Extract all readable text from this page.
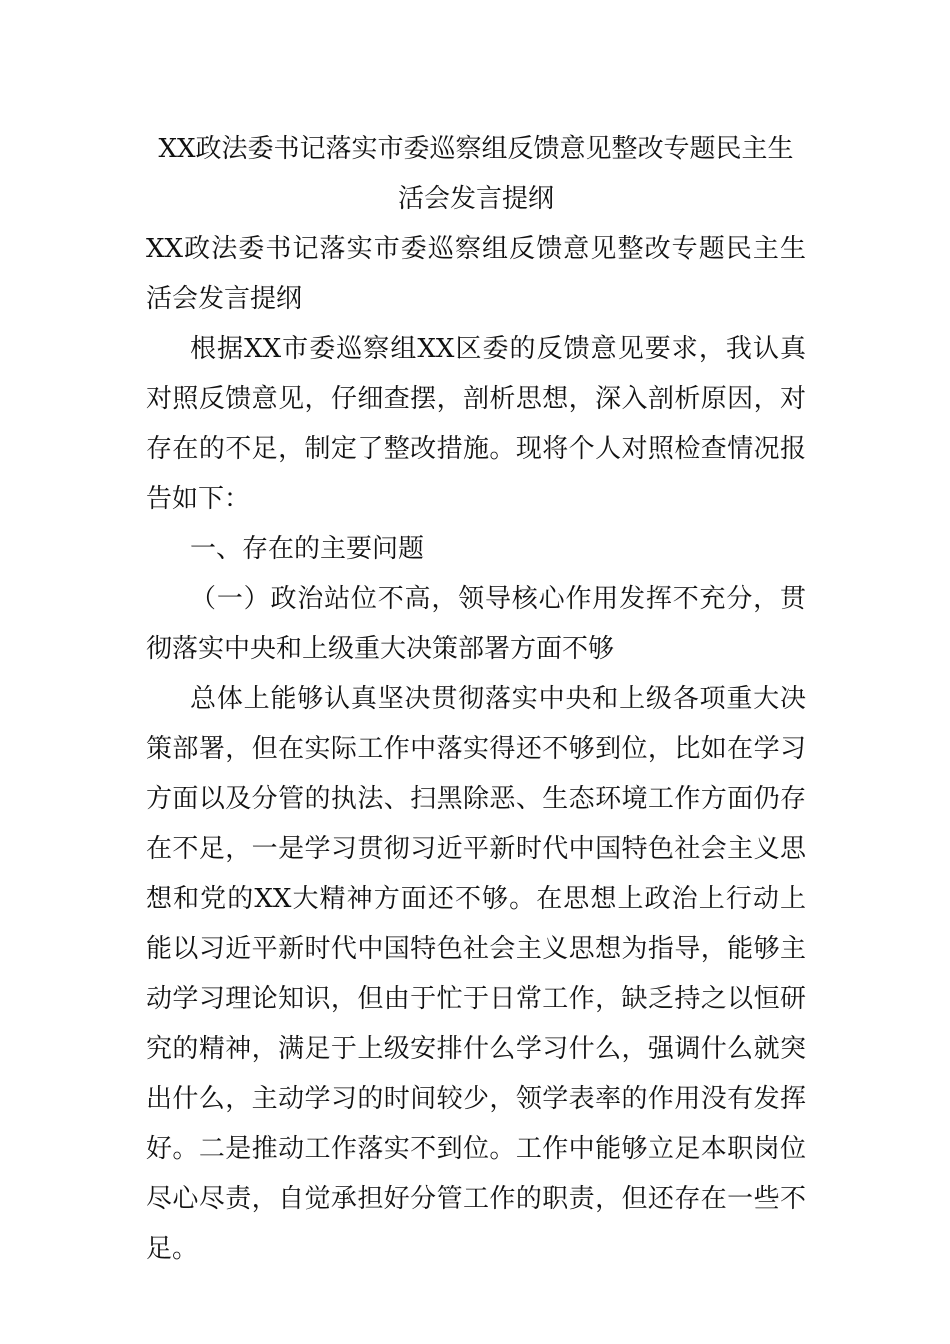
XX政法委书记落实市委巡察组反馈意见整改专题民主生活会发言提纲

XX政法委书记落实市委巡察组反馈意见整改专题民主生活会发言提纲

根据XX市委巡察组XX区委的反馈意见要求，我认真对照反馈意见，仔细查摆，剖析思想，深入剖析原因，对存在的不足，制定了整改措施。现将个人对照检查情况报告如下：

一、存在的主要问题

（一）政治站位不高，领导核心作用发挥不充分，贯彻落实中央和上级重大决策部署方面不够

总体上能够认真坚决贯彻落实中央和上级各项重大决策部署，但在实际工作中落实得还不够到位，比如在学习方面以及分管的执法、扫黑除恶、生态环境工作方面仍存在不足，一是学习贯彻习近平新时代中国特色社会主义思想和党的XX大精神方面还不够。在思想上政治上行动上能以习近平新时代中国特色社会主义思想为指导，能够主动学习理论知识，但由于忙于日常工作，缺乏持之以恒研究的精神，满足于上级安排什么学习什么，强调什么就突出什么，主动学习的时间较少，领学表率的作用没有发挥好。二是推动工作落实不到位。工作中能够立足本职岗位尽心尽责，自觉承担好分管工作的职责，但还存在一些不足。
